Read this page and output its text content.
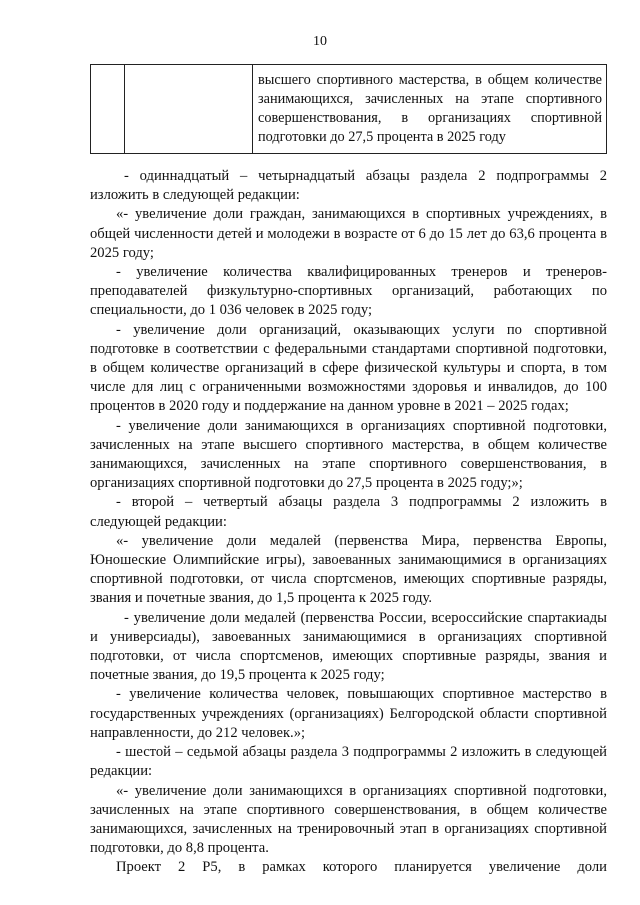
10
		высшего спортивного мастерства, в общем количестве занимающихся, зачисленных на этапе спортивного совершенствования, в организациях спортивной подготовки до 27,5 процента в 2025 году

- одиннадцатый – четырнадцатый абзацы раздела 2 подпрограммы 2 изложить в следующей редакции:

«- увеличение доли граждан, занимающихся в спортивных учреждениях, в общей численности детей и молодежи в возрасте от 6 до 15 лет до 63,6 процента в 2025 году;

- увеличение количества квалифицированных тренеров и тренеров-преподавателей физкультурно-спортивных организаций, работающих по специальности, до 1 036 человек в 2025 году;

- увеличение доли организаций, оказывающих услуги по спортивной подготовке в соответствии с федеральными стандартами спортивной подготовки, в общем количестве организаций в сфере физической культуры и спорта, в том числе для лиц с ограниченными возможностями здоровья и инвалидов, до 100 процентов в 2020 году и поддержание на данном уровне в 2021 – 2025 годах;

- увеличение доли занимающихся в организациях спортивной подготовки, зачисленных на этапе высшего спортивного мастерства, в общем количестве занимающихся, зачисленных на этапе спортивного совершенствования, в организациях спортивной подготовки до 27,5 процента в 2025 году;»;

- второй – четвертый абзацы раздела 3 подпрограммы 2 изложить в следующей редакции:

«- увеличение доли медалей (первенства Мира, первенства Европы, Юношеские Олимпийские игры), завоеванных занимающимися в организациях спортивной подготовки, от числа спортсменов, имеющих спортивные разряды, звания и почетные звания, до 1,5 процента к 2025 году.

- увеличение доли медалей (первенства России, всероссийские спартакиады и универсиады), завоеванных занимающимися в организациях спортивной подготовки, от числа спортсменов, имеющих спортивные разряды, звания и почетные звания, до 19,5 процента к 2025 году;

- увеличение количества человек, повышающих спортивное мастерство в государственных учреждениях (организациях) Белгородской области спортивной направленности, до 212 человек.»;

- шестой – седьмой абзацы раздела 3 подпрограммы 2 изложить в следующей редакции:

«- увеличение доли занимающихся в организациях спортивной подготовки, зачисленных на этапе спортивного совершенствования, в общем количестве занимающихся, зачисленных на тренировочный этап в организациях спортивной подготовки, до 8,8 процента.

Проект 2 Р5, в рамках которого планируется увеличение доли
